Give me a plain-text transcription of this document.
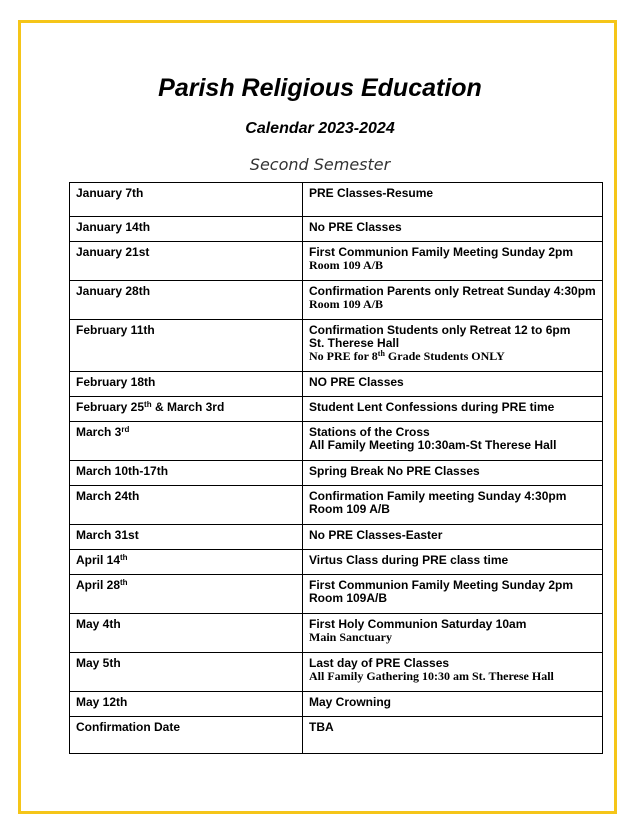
Parish Religious Education
Calendar 2023-2024
Second Semester
January 7th	PRE Classes-Resume
January 14th	No PRE Classes
January 21st	First Communion Family Meeting Sunday 2pm
Room 109 A/B

January 28th	Confirmation Parents only Retreat Sunday 4:30pm
Room 109 A/B

February 11th	Confirmation Students only Retreat 12 to 6pm
St. Therese Hall
No PRE for 8th Grade Students ONLY

February 18th	NO PRE Classes
February 25th & March 3rd	Student Lent Confessions during PRE time
March 3rd	Stations of the Cross
All Family Meeting 10:30am-St Therese Hall

March 10th-17th	Spring Break No PRE Classes
March 24th	Confirmation Family meeting Sunday 4:30pm
Room 109 A/B

March 31st	No PRE Classes-Easter
April 14th	Virtus Class during PRE class time
April 28th	First Communion Family Meeting Sunday 2pm
Room 109A/B

May 4th	First Holy Communion Saturday 10am
Main Sanctuary

May 5th	Last day of PRE Classes
All Family Gathering 10:30 am St. Therese Hall

May 12th	May Crowning
Confirmation Date	TBA
